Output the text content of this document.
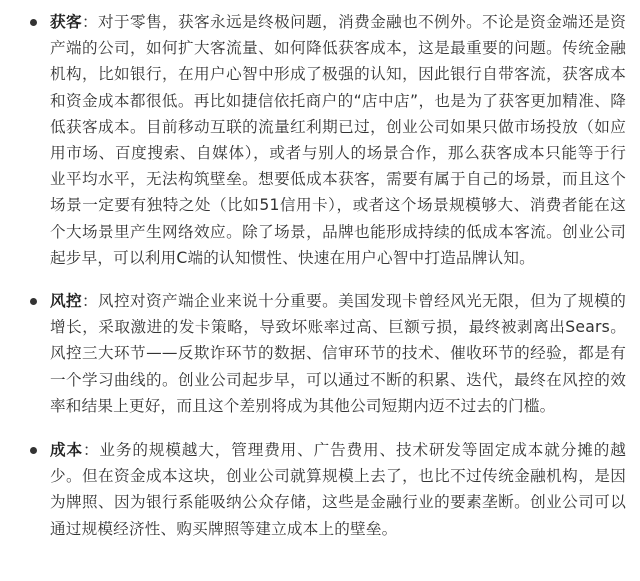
获客：对于零售，获客永远是终极问题，消费金融也不例外。不论是资金端还是资产端的公司，如何扩大客流量、如何降低获客成本，这是最重要的问题。传统金融机构，比如银行，在用户心智中形成了极强的认知，因此银行自带客流，获客成本和资金成本都很低。再比如捷信依托商户的“店中店”，也是为了获客更加精准、降低获客成本。目前移动互联的流量红利期已过，创业公司如果只做市场投放（如应用市场、百度搜索、自媒体），或者与别人的场景合作，那么获客成本只能等于行业平均水平，无法构筑壁垒。想要低成本获客，需要有属于自己的场景，而且这个场景一定要有独特之处（比如51信用卡），或者这个场景规模够大、消费者能在这个大场景里产生网络效应。除了场景，品牌也能形成持续的低成本客流。创业公司起步早，可以利用C端的认知惯性、快速在用户心智中打造品牌认知。
风控：风控对资产端企业来说十分重要。美国发现卡曾经风光无限，但为了规模的增长，采取激进的发卡策略，导致坏账率过高、巨额亏损，最终被剥离出Sears。风控三大环节——反欺诈环节的数据、信审环节的技术、催收环节的经验，都是有一个学习曲线的。创业公司起步早，可以通过不断的积累、迭代，最终在风控的效率和结果上更好，而且这个差别将成为其他公司短期内迈不过去的门槛。
成本：业务的规模越大，管理费用、广告费用、技术研发等固定成本就分摊的越少。但在资金成本这块，创业公司就算规模上去了，也比不过传统金融机构，是因为牌照、因为银行系能吸纳公众存储，这些是金融行业的要素垄断。创业公司可以通过规模经济性、购买牌照等建立成本上的壁垒。
